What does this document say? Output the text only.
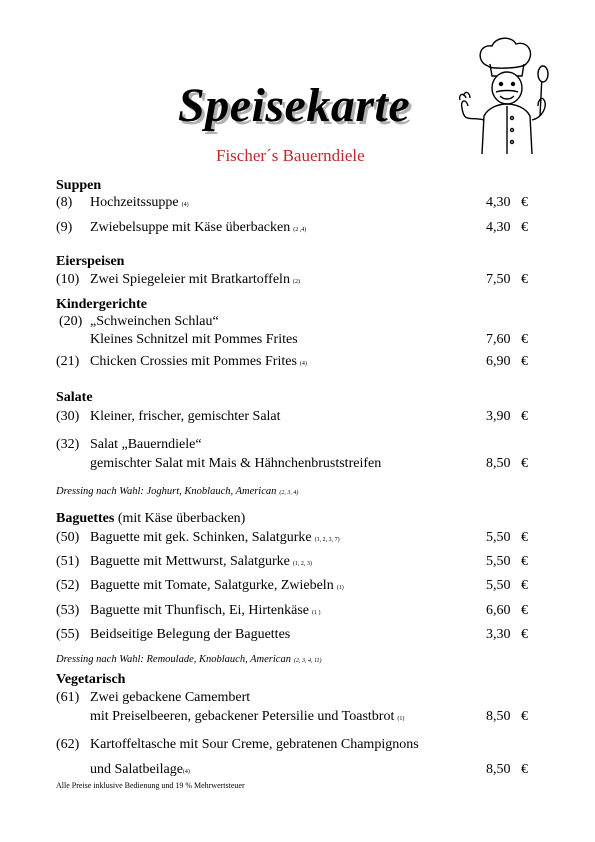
Speisekarte
Fischer´s Bauerndiele
Suppen
(8) Hochzeitssuppe (4)	4,30 €
(9) Zwiebelsuppe mit Käse überbacken (2 ,4)	4,30 €
Eierspeisen
(10) Zwei Spiegeleier mit Bratkartoffeln (2)	7,50 €
Kindergerichte
(20) „Schweinchen Schlau“
Kleines Schnitzel mit Pommes Frites	7,60 €
(21) Chicken Crossies mit Pommes Frites (4)	6,90 €
Salate
(30) Kleiner, frischer, gemischter Salat	3,90 €
(32) Salat „Bauerndiele“
gemischter Salat mit Mais & Hähnchenbruststreifen	8,50 €
Dressing nach Wahl: Joghurt, Knoblauch, American (2, 3, 4)
Baguettes (mit Käse überbacken)
(50) Baguette mit gek. Schinken, Salatgurke (1, 2, 3, 7)	5,50 €
(51) Baguette mit Mettwurst, Salatgurke (1, 2, 3)	5,50 €
(52) Baguette mit Tomate, Salatgurke, Zwiebeln (1)	5,50 €
(53) Baguette mit Thunfisch, Ei, Hirtenkäse (1 )	6,60 €
(55) Beidseitige Belegung der Baguettes	3,30 €
Dressing nach Wahl: Remoulade, Knoblauch, American (2, 3, 4, 11)
Vegetarisch
(61) Zwei gebackene Camembert
mit Preiselbeeren, gebackener Petersilie und Toastbrot (1)	8,50 €
(62) Kartoffeltasche mit Sour Creme, gebratenen Champignons
und Salatbeilage(4)	8,50 €
Alle Preise inklusive Bedienung und 19 % Mehrwertsteuer
